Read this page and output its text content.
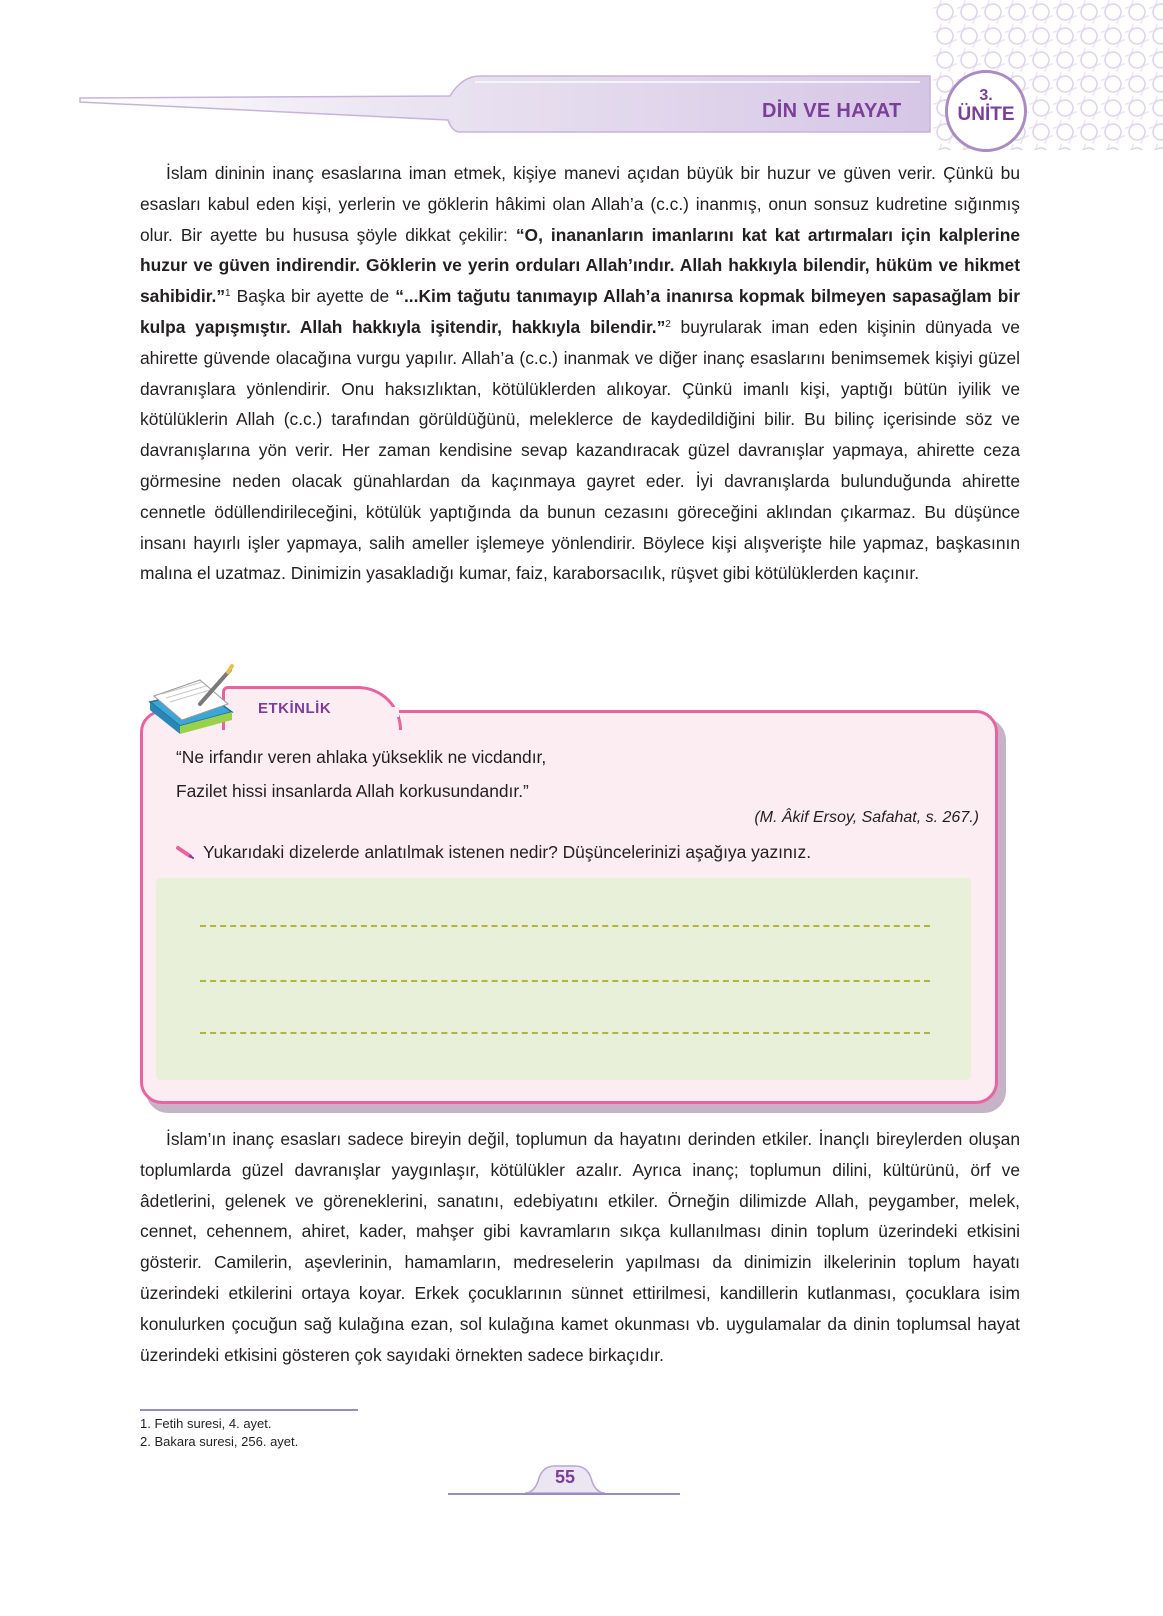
DİN VE HAYAT
3.
ÜNİTE

İslam dininin inanç esaslarına iman etmek, kişiye manevi açıdan büyük bir huzur ve güven verir. Çünkü bu esasları kabul eden kişi, yerlerin ve göklerin hâkimi olan Allah’a (c.c.) inanmış, onun sonsuz kudretine sığınmış olur. Bir ayette bu hususa şöyle dikkat çekilir: “O, inananların imanlarını kat kat artırmaları için kalplerine huzur ve güven indirendir. Göklerin ve yerin orduları Allah’ındır. Allah hakkıyla bilendir, hüküm ve hikmet sahibidir.”$^1$ Başka bir ayette de “...Kim tağutu tanımayıp Allah’a inanırsa kopmak bilmeyen sapasağlam bir kulpa yapışmıştır. Allah hakkıyla işitendir, hakkıyla bilendir.”$^2$ buyrularak iman eden kişinin dünyada ve ahirette güvende olacağına vurgu yapılır. Allah’a (c.c.) inanmak ve diğer inanç esaslarını benimsemek kişiyi güzel davranışlara yönlendirir. Onu haksızlıktan, kötülüklerden alıkoyar. Çünkü imanlı kişi, yaptığı bütün iyilik ve kötülüklerin Allah (c.c.) tarafından görüldüğünü, meleklerce de kaydedildiğini bilir. Bu bilinç içerisinde söz ve davranışlarına yön verir. Her zaman kendisine sevap kazandıracak güzel davranışlar yapmaya, ahirette ceza görmesine neden olacak günahlardan da kaçınmaya gayret eder. İyi davranışlarda bulunduğunda ahirette cennetle ödüllendirileceğini, kötülük yaptığında da bunun cezasını göreceğini aklından çıkarmaz. Bu düşünce insanı hayırlı işler yapmaya, salih ameller işlemeye yönlendirir. Böylece kişi alışverişte hile yapmaz, başkasının malına el uzatmaz. Dinimizin yasakladığı kumar, faiz, karaborsacılık, rüşvet gibi kötülüklerden kaçınır.

ETKİNLİK
“Ne irfandır veren ahlaka yükseklik ne vicdandır,
Fazilet hissi insanlarda Allah korkusundandır.”
(M. Âkif Ersoy, Safahat, s. 267.)
Yukarıdaki dizelerde anlatılmak istenen nedir? Düşüncelerinizi aşağıya yazınız.

İslam’ın inanç esasları sadece bireyin değil, toplumun da hayatını derinden etkiler. İnançlı bireylerden oluşan toplumlarda güzel davranışlar yaygınlaşır, kötülükler azalır. Ayrıca inanç; toplumun dilini, kültürünü, örf ve âdetlerini, gelenek ve göreneklerini, sanatını, edebiyatını etkiler. Örneğin dilimizde Allah, peygamber, melek, cennet, cehennem, ahiret, kader, mahşer gibi kavramların sıkça kullanılması dinin toplum üzerindeki etkisini gösterir. Camilerin, aşevlerinin, hamamların, medreselerin yapılması da dinimizin ilkelerinin toplum hayatı üzerindeki etkilerini ortaya koyar. Erkek çocuklarının sünnet ettirilmesi, kandillerin kutlanması, çocuklara isim konulurken çocuğun sağ kulağına ezan, sol kulağına kamet okunması vb. uygulamalar da dinin toplumsal hayat üzerindeki etkisini gösteren çok sayıdaki örnekten sadece birkaçıdır.

1. Fetih suresi, 4. ayet.
2. Bakara suresi, 256. ayet.
55
